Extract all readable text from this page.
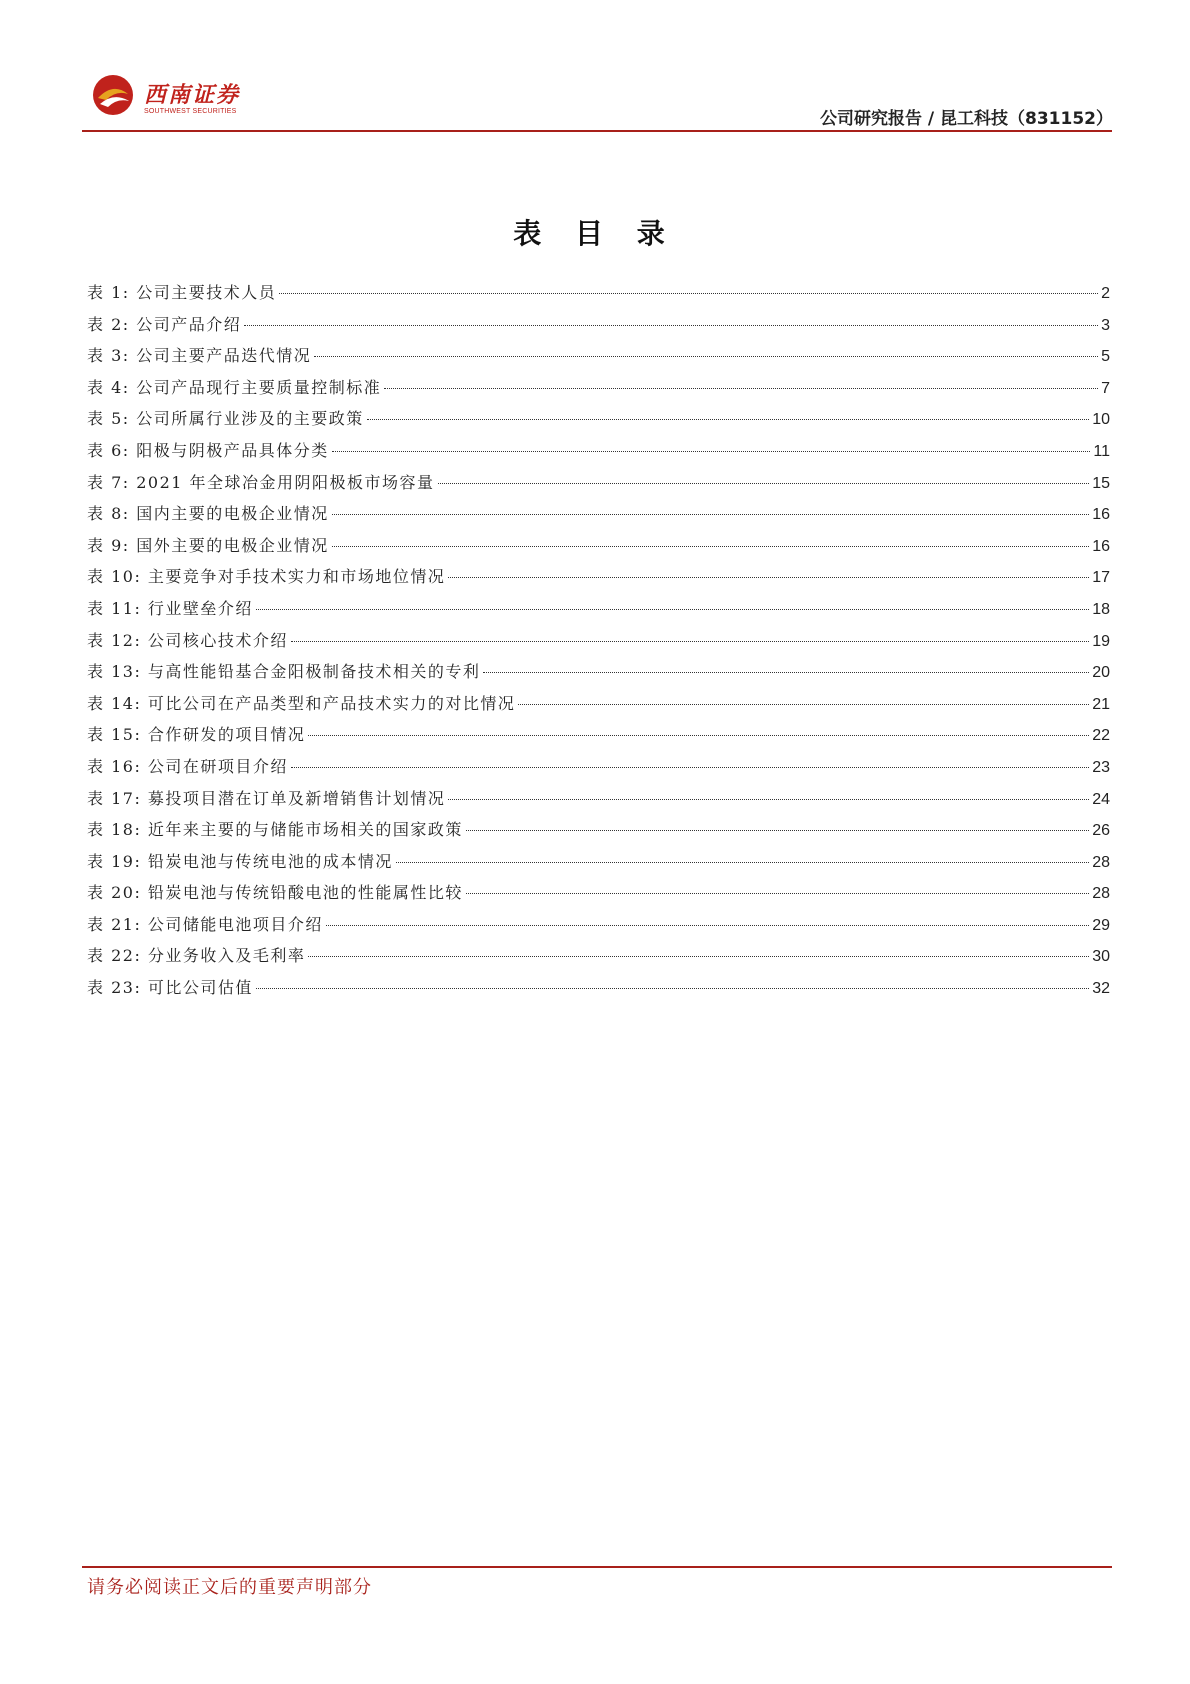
西南证券
SOUTHWEST SECURITIES	公司研究报告 / 昆工科技（831152）
表 目 录
表 1: 公司主要技术人员	2
表 2: 公司产品介绍	3
表 3: 公司主要产品迭代情况	5
表 4: 公司产品现行主要质量控制标准	7
表 5: 公司所属行业涉及的主要政策	10
表 6: 阳极与阴极产品具体分类	11
表 7: 2021 年全球冶金用阴阳极板市场容量	15
表 8: 国内主要的电极企业情况	16
表 9: 国外主要的电极企业情况	16
表 10: 主要竞争对手技术实力和市场地位情况	17
表 11: 行业壁垒介绍	18
表 12: 公司核心技术介绍	19
表 13: 与高性能铅基合金阳极制备技术相关的专利	20
表 14: 可比公司在产品类型和产品技术实力的对比情况	21
表 15: 合作研发的项目情况	22
表 16: 公司在研项目介绍	23
表 17: 募投项目潜在订单及新增销售计划情况	24
表 18: 近年来主要的与储能市场相关的国家政策	26
表 19: 铅炭电池与传统电池的成本情况	28
表 20: 铅炭电池与传统铅酸电池的性能属性比较	28
表 21: 公司储能电池项目介绍	29
表 22: 分业务收入及毛利率	30
表 23: 可比公司估值	32
请务必阅读正文后的重要声明部分
